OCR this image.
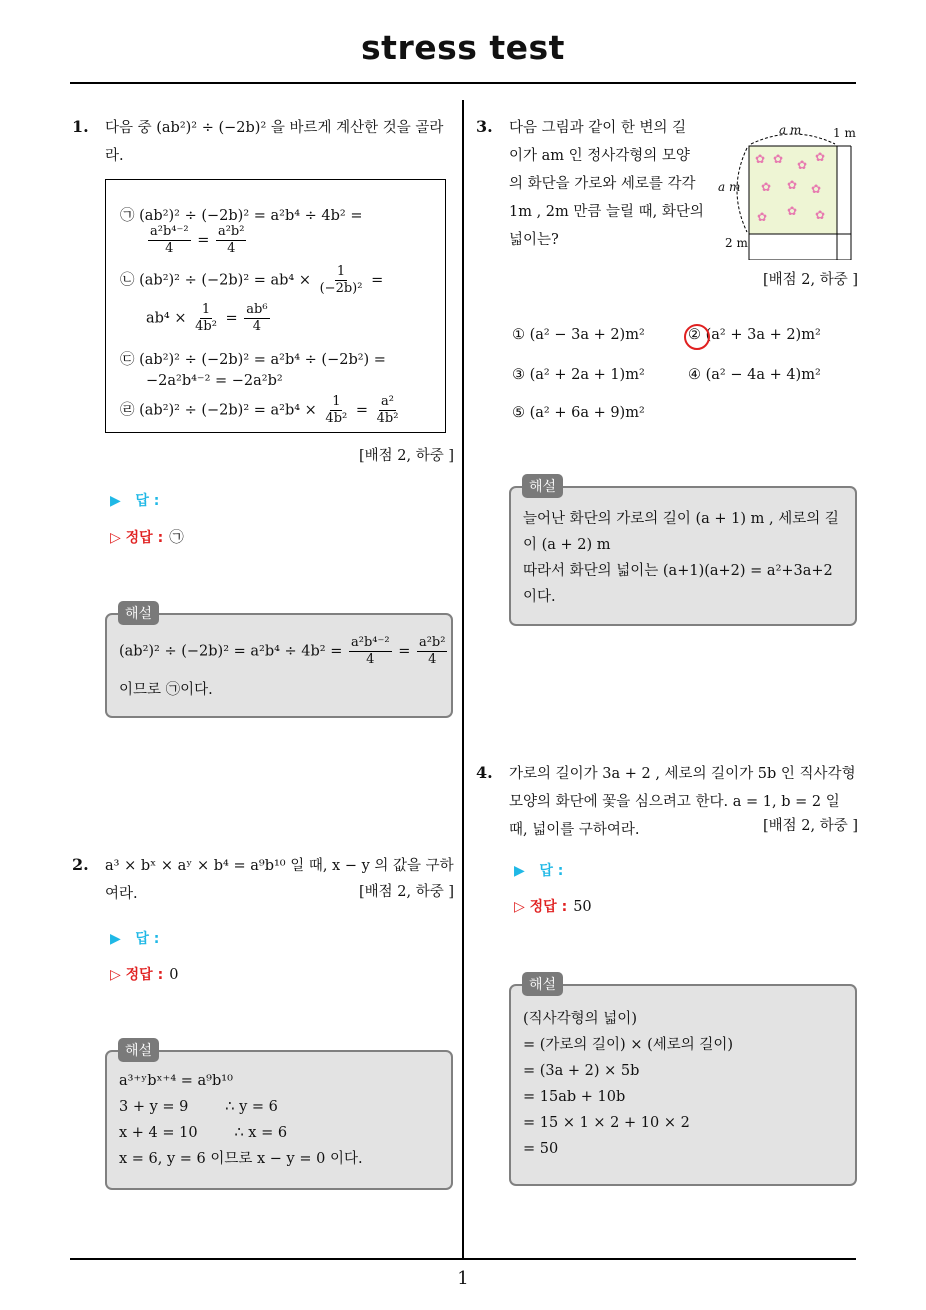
stress test
1
1. 다음 중 (ab²)² ÷ (−2b)² 을 바르게 계산한 것을 골라
라.
㉠ (ab²)² ÷ (−2b)² = a²b⁴ ÷ 4b² =
$\frac{\text{a²b⁴⁻²}}{4} = \frac{\text{a²b²}}{4}$
㉡ $(ab^2)^2 \div (-2b)^2 = ab^4 \times \frac{1}{\text{(−2b)²}}$ =
$ab^4 \times \frac{1}{\text{4b²}} = \frac{\text{ab⁶}}{4}$
㉢ (ab²)² ÷ (−2b)² = a²b⁴ ÷ (−2b²) =
−2a²b⁴⁻² = −2a²b²
㉣ $(ab^2)^2 \div (-2b)^2 = a^2b^4 \times \frac{1}{\text{4b²}} = \frac{\text{a²}}{\text{4b²}}$
[배점 2, 하중 ]
▶ 답 :
▷ 정답 : ㉠
$(ab^2)^2 \div (-2b)^2 = a^2b^4 \div 4b^2 = \frac{\text{a²b⁴⁻²}}{4} = \frac{\text{a²b²}}{4}$
이므로 ㉠이다.
해설
2. a³ × bˣ × aʸ × b⁴ = a⁹b¹⁰ 일 때, x − y 의 값을 구하
여라.	[배점 2, 하중 ]
▶ 답 :
▷ 정답 : 0
a³⁺ʸbˣ⁺⁴ = a⁹b¹⁰
3 + y = 9        ∴ y = 6
x + 4 = 10        ∴ x = 6
x = 6, y = 6 이므로 x − y = 0 이다.
해설
3. 다음 그림과 같이 한 변의 길
이가 am 인 정사각형의 모양
의 화단을 가로와 세로를 각각
1m , 2m 만큼 늘릴 때, 화단의
넓이는?
✿ ✿ ✿
✿
✿ ✿ ✿
✿ ✿ ✿
a m	1 m
a m
2 m
[배점 2, 하중 ]
① (a² − 3a + 2)m²	② (a² + 3a + 2)m²
③ (a² + 2a + 1)m²	④ (a² − 4a + 4)m²
⑤ (a² + 6a + 9)m²
늘어난 화단의 가로의 길이 (a + 1) m , 세로의 길
이 (a + 2) m
따라서 화단의 넓이는 (a+1)(a+2) = a²+3a+2
이다.
해설
4. 가로의 길이가 3a + 2 , 세로의 길이가 5b 인 직사각형
모양의 화단에 꽃을 심으려고 한다. a = 1, b = 2 일
때, 넓이를 구하여라.	[배점 2, 하중 ]
▶ 답 :
▷ 정답 : 50
(직사각형의 넓이)
= (가로의 길이) × (세로의 길이)
= (3a + 2) × 5b
= 15ab + 10b
= 15 × 1 × 2 + 10 × 2
= 50
해설
